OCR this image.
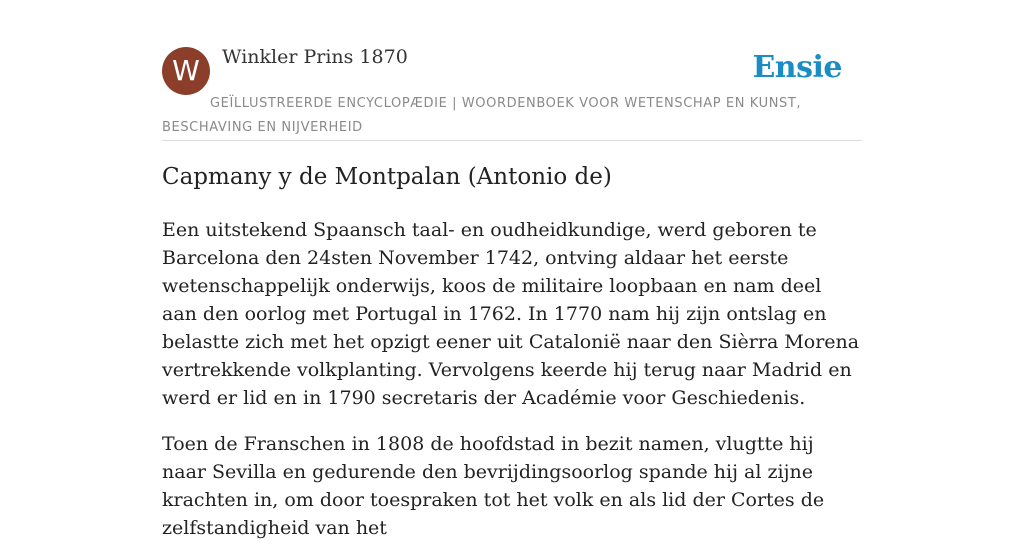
W	Winkler Prins 1870	Ensie
GEÏLLUSTREERDE ENCYCLOPÆDIE | WOORDENBOEK VOOR WETENSCHAP EN KUNST, BESCHAVING EN NIJVERHEID
Capmany y de Montpalan (Antonio de)

Een uitstekend Spaansch taal- en oudheidkundige, werd geboren te Barcelona den 24sten November 1742, ontving aldaar het eerste wetenschappelijk onderwijs, koos de militaire loopbaan en nam deel aan den oorlog met Portugal in 1762. In 1770 nam hij zijn ontslag en belastte zich met het opzigt eener uit Catalonië naar den Sièrra Morena vertrekkende volkplanting. Vervolgens keerde hij terug naar Madrid en werd er lid en in 1790 secretaris der Académie voor Geschiedenis.

Toen de Franschen in 1808 de hoofdstad in bezit namen, vlugtte hij naar Sevilla en gedurende den bevrijdingsoorlog spande hij al zijne krachten in, om door toespraken tot het volk en als lid der Cortes de zelfstandigheid van het
